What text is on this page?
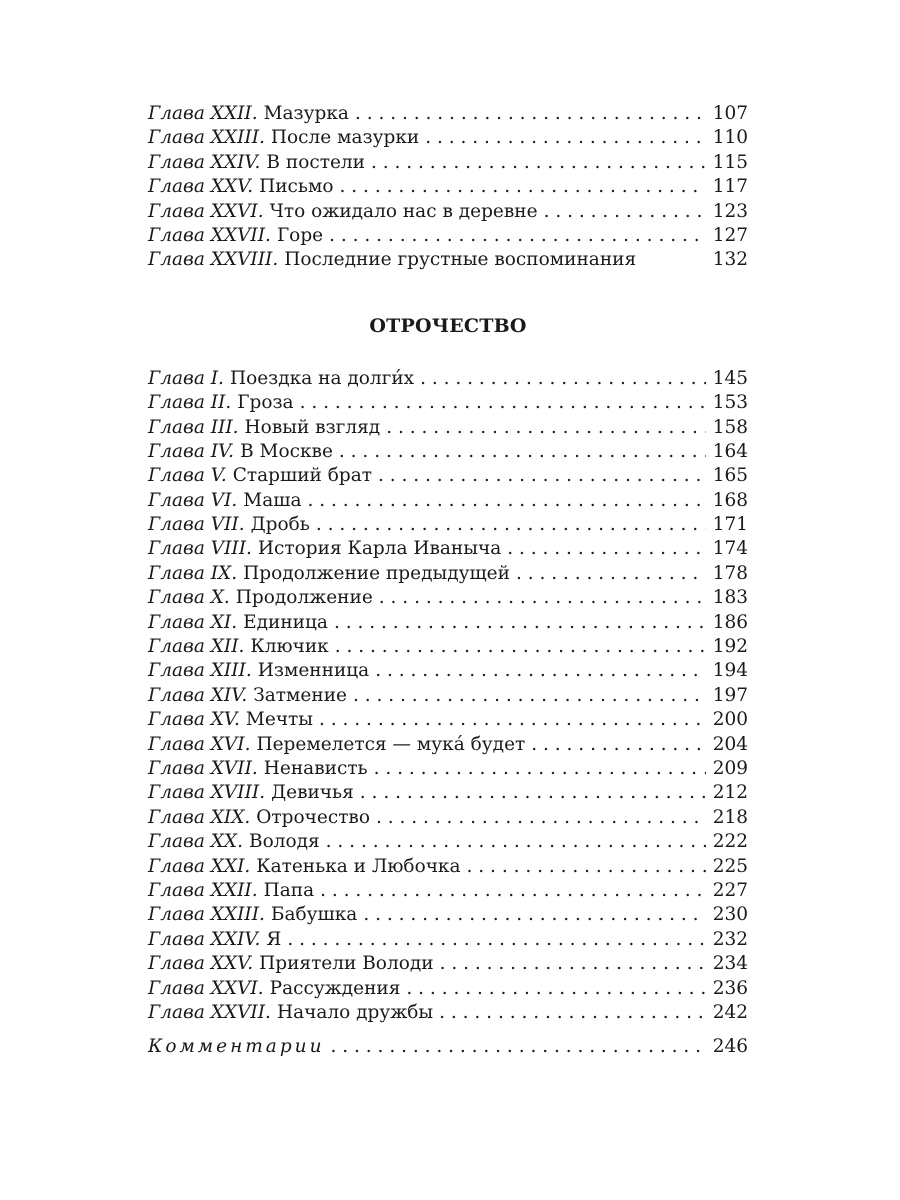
Глава XXII. Мазурка . . .	107
Глава XXIII. После мазурки . . .	110
Глава XXIV. В постели . . .	115
Глава XXV. Письмо . . .	117
Глава XXVI. Что ожидало нас в деревне . . .	123
Глава XXVII. Горе . . .	127
Глава XXVIII. Последние грустные воспоминания	132
ОТРОЧЕСТВО
Глава I. Поездка на долги́х . . .	145
Глава II. Гроза . . .	153
Глава III. Новый взгляд . . .	158
Глава IV. В Москве . . .	164
Глава V. Старший брат . . .	165
Глава VI. Маша . . .	168
Глава VII. Дробь . . .	171
Глава VIII. История Карла Иваныча . . .	174
Глава IX. Продолжение предыдущей . . .	178
Глава X. Продолжение . . .	183
Глава XI. Единица . . .	186
Глава XII. Ключик . . .	192
Глава XIII. Изменница . . .	194
Глава XIV. Затмение . . .	197
Глава XV. Мечты . . .	200
Глава XVI. Перемелется — мука́ будет . . .	204
Глава XVII. Ненависть . . .	209
Глава XVIII. Девичья . . .	212
Глава XIX. Отрочество . . .	218
Глава XX. Володя . . .	222
Глава XXI. Катенька и Любочка . . .	225
Глава XXII. Папа . . .	227
Глава XXIII. Бабушка . . .	230
Глава XXIV. Я . . .	232
Глава XXV. Приятели Володи . . .	234
Глава XXVI. Рассуждения . . .	236
Глава XXVII. Начало дружбы . . .	242
Комментарии . . .	246
